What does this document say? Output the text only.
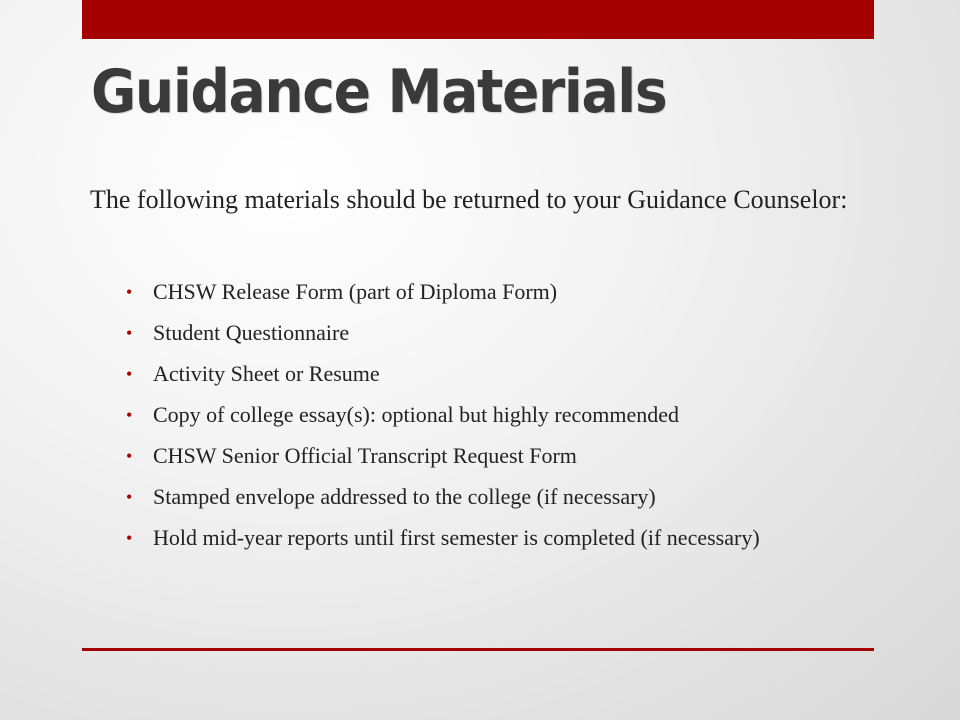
Guidance Materials

The following materials should be returned to your Guidance Counselor:

• CHSW Release Form (part of Diploma Form)
• Student Questionnaire
• Activity Sheet or Resume
• Copy of college essay(s): optional but highly recommended
• CHSW Senior Official Transcript Request Form
• Stamped envelope addressed to the college (if necessary)
• Hold mid-year reports until first semester is completed (if necessary)
